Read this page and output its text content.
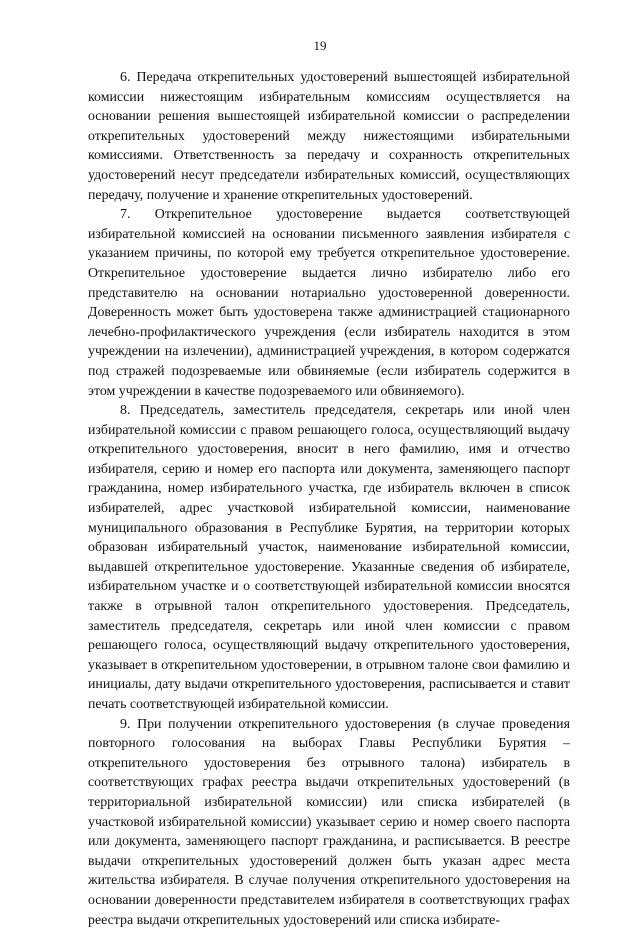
19

6. Передача открепительных удостоверений вышестоящей избирательной комиссии нижестоящим избирательным комиссиям осуществляется на основании решения вышестоящей избирательной комиссии о распределении открепительных удостоверений между нижестоящими избирательными комиссиями. Ответственность за передачу и сохранность открепительных удостоверений несут председатели избирательных комиссий, осуществляющих передачу, получение и хранение открепительных удостоверений.

7. Открепительное удостоверение выдается соответствующей избирательной комиссией на основании письменного заявления избирателя с указанием причины, по которой ему требуется открепительное удостоверение. Открепительное удостоверение выдается лично избирателю либо его представителю на основании нотариально удостоверенной доверенности. Доверенность может быть удостоверена также администрацией стационарного лечебно-профилактического учреждения (если избиратель находится в этом учреждении на излечении), администрацией учреждения, в котором содержатся под стражей подозреваемые или обвиняемые (если избиратель содержится в этом учреждении в качестве подозреваемого или обвиняемого).

8. Председатель, заместитель председателя, секретарь или иной член избирательной комиссии с правом решающего голоса, осуществляющий выдачу открепительного удостоверения, вносит в него фамилию, имя и отчество избирателя, серию и номер его паспорта или документа, заменяющего паспорт гражданина, номер избирательного участка, где избиратель включен в список избирателей, адрес участковой избирательной комиссии, наименование муниципального образования в Республике Бурятия, на территории которых образован избирательный участок, наименование избирательной комиссии, выдавшей открепительное удостоверение. Указанные сведения об избирателе, избирательном участке и о соответствующей избирательной комиссии вносятся также в отрывной талон открепительного удостоверения. Председатель, заместитель председателя, секретарь или иной член комиссии с правом решающего голоса, осуществляющий выдачу открепительного удостоверения, указывает в открепительном удостоверении, в отрывном талоне свои фамилию и инициалы, дату выдачи открепительного удостоверения, расписывается и ставит печать соответствующей избирательной комиссии.

9. При получении открепительного удостоверения (в случае проведения повторного голосования на выборах Главы Республики Бурятия – открепительного удостоверения без отрывного талона) избиратель в соответствующих графах реестра выдачи открепительных удостоверений (в территориальной избирательной комиссии) или списка избирателей (в участковой избирательной комиссии) указывает серию и номер своего паспорта или документа, заменяющего паспорт гражданина, и расписывается. В реестре выдачи открепительных удостоверений должен быть указан адрес места жительства избирателя. В случае получения открепительного удостоверения на основании доверенности представителем избирателя в соответствующих графах реестра выдачи открепительных удостоверений или списка избирате-
